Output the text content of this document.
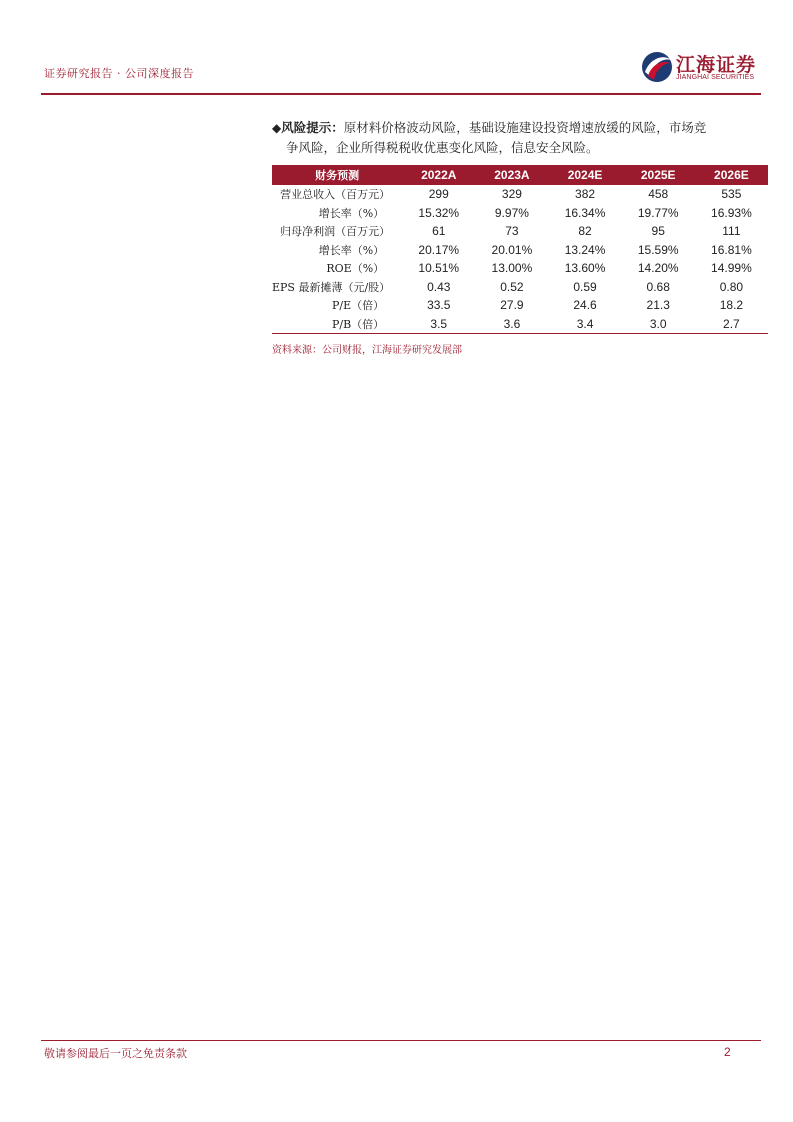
证券研究报告 · 公司深度报告	江海证券
JIANGHAI SECURITIES
◆风险提示：原材料价格波动风险，基础设施建设投资增速放缓的风险，市场竞
争风险，企业所得税税收优惠变化风险，信息安全风险。
财务预测	2022A	2023A	2024E	2025E	2026E
营业总收入（百万元）	299	329	382	458	535
增长率（%）	15.32%	9.97%	16.34%	19.77%	16.93%
归母净利润（百万元）	61	73	82	95	111
增长率（%）	20.17%	20.01%	13.24%	15.59%	16.81%
ROE（%）	10.51%	13.00%	13.60%	14.20%	14.99%
EPS 最新摊薄（元/股）	0.43	0.52	0.59	0.68	0.80
P/E（倍）	33.5	27.9	24.6	21.3	18.2
P/B（倍）	3.5	3.6	3.4	3.0	2.7
资料来源：公司财报，江海证券研究发展部
敬请参阅最后一页之免责条款	2
